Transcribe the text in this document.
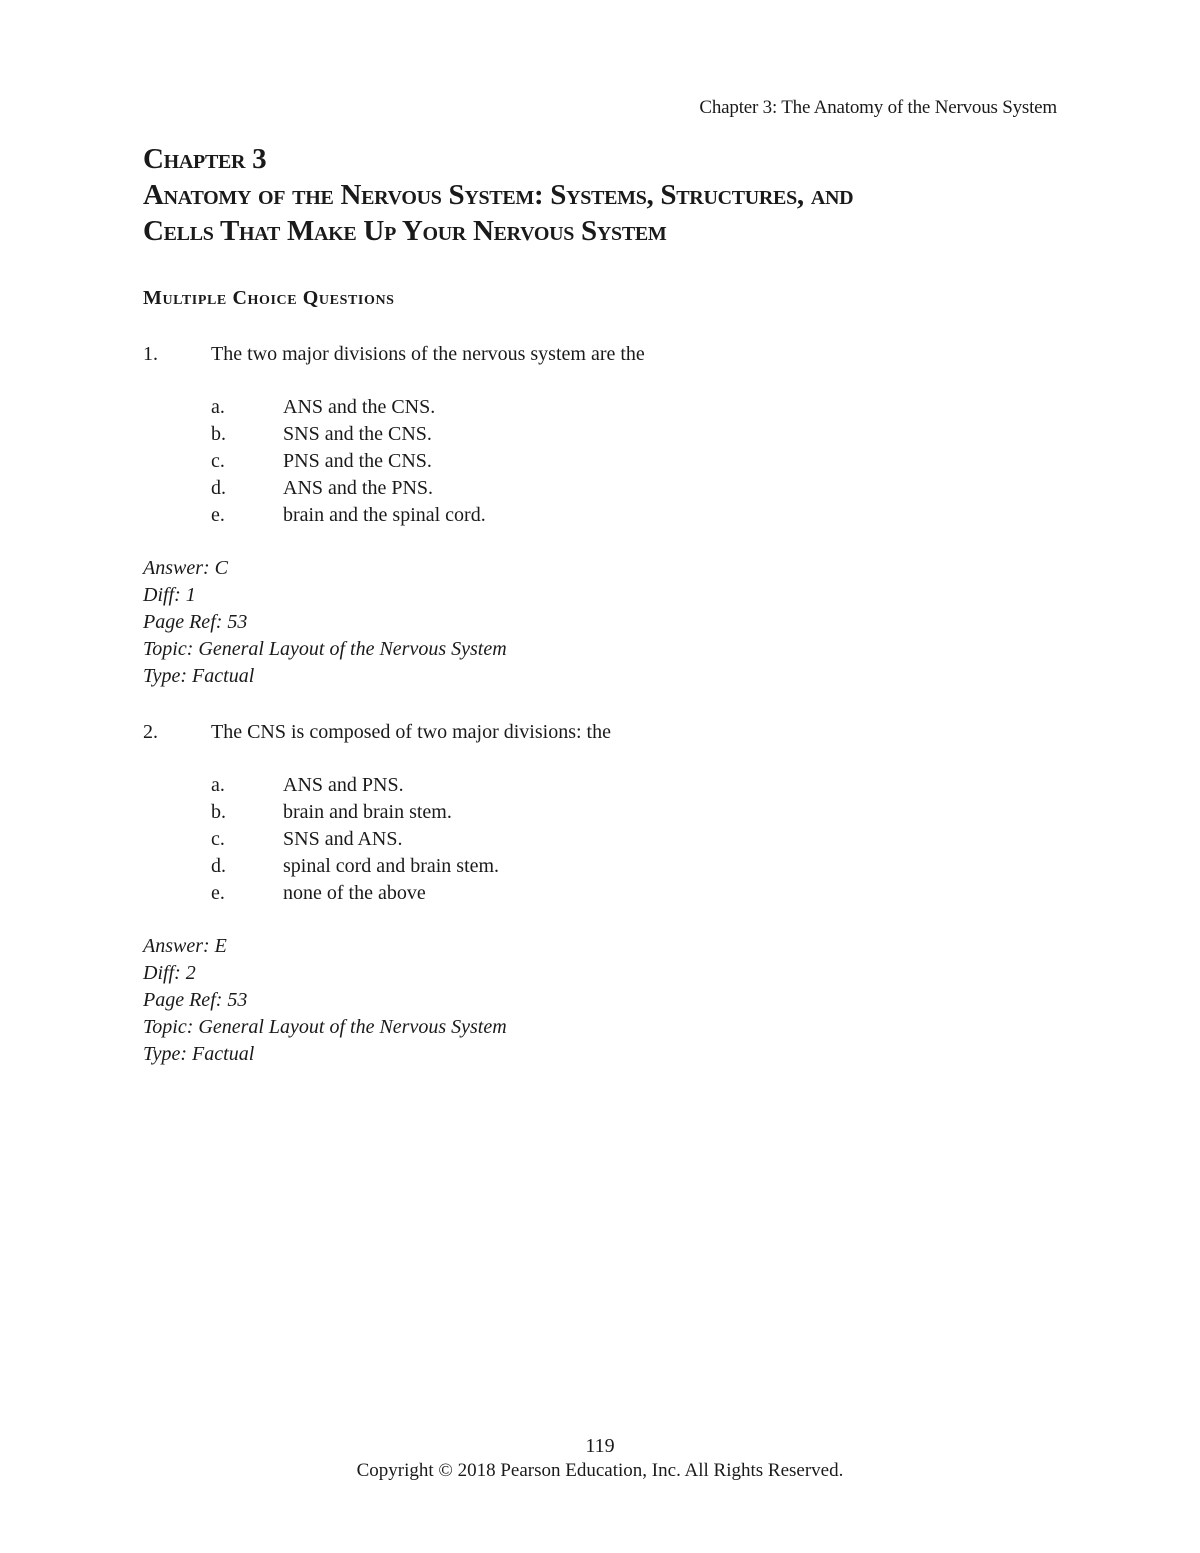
Chapter 3: The Anatomy of the Nervous System
Chapter 3
Anatomy of the Nervous System: Systems, Structures, and
Cells That Make Up Your Nervous System
Multiple Choice Questions
1.	The two major divisions of the nervous system are the
a.	ANS and the CNS.
b.	SNS and the CNS.
c.	PNS and the CNS.
d.	ANS and the PNS.
e.	brain and the spinal cord.
Answer: C
Diff: 1
Page Ref: 53
Topic: General Layout of the Nervous System
Type: Factual
2.	The CNS is composed of two major divisions: the
a.	ANS and PNS.
b.	brain and brain stem.
c.	SNS and ANS.
d.	spinal cord and brain stem.
e.	none of the above
Answer: E
Diff: 2
Page Ref: 53
Topic: General Layout of the Nervous System
Type: Factual
119
Copyright © 2018 Pearson Education, Inc. All Rights Reserved.
